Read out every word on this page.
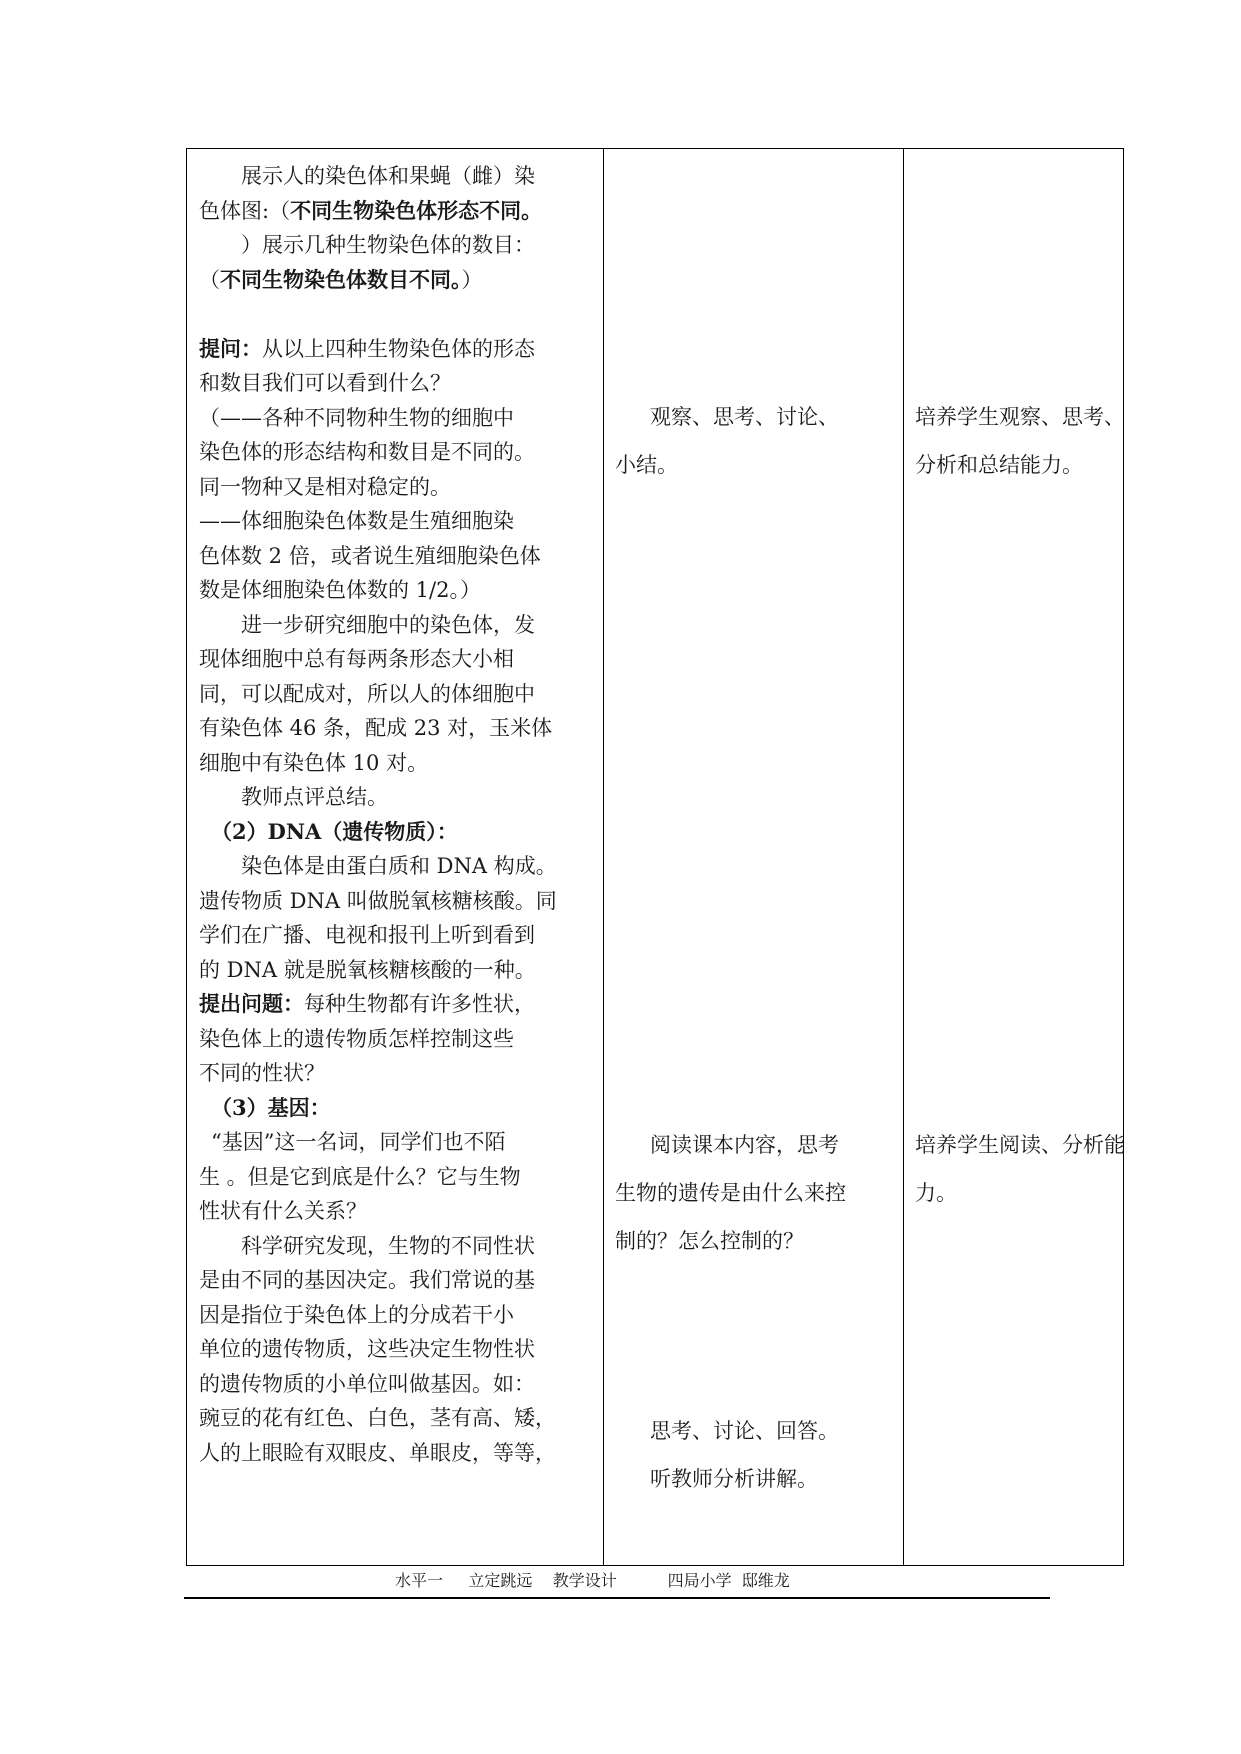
展示人的染色体和果蝇（雌）染
色体图:（不同生物染色体形态不同。
）展示几种生物染色体的数目：
（不同生物染色体数目不同。）
提问：从以上四种生物染色体的形态
和数目我们可以看到什么？
（——各种不同物种生物的细胞中
染色体的形态结构和数目是不同的。
同一物种又是相对稳定的。
——体细胞染色体数是生殖细胞染
色体数 2 倍，或者说生殖细胞染色体
数是体细胞染色体数的 1/2。）
进一步研究细胞中的染色体，发
现体细胞中总有每两条形态大小相
同，可以配成对，所以人的体细胞中
有染色体 46 条，配成 23 对，玉米体
细胞中有染色体 10 对。
教师点评总结。
（2）DNA（遗传物质）：
染色体是由蛋白质和 DNA 构成。
遗传物质 DNA 叫做脱氧核糖核酸。同
学们在广播、电视和报刊上听到看到
的 DNA 就是脱氧核糖核酸的一种。
提出问题：每种生物都有许多性状，
染色体上的遗传物质怎样控制这些
不同的性状？
（3）基因：
“基因”这一名词，同学们也不陌
生 。但是它到底是什么？它与生物
性状有什么关系？
科学研究发现，生物的不同性状
是由不同的基因决定。我们常说的基
因是指位于染色体上的分成若干小
单位的遗传物质，这些决定生物性状
的遗传物质的小单位叫做基因。如：
豌豆的花有红色、白色，茎有高、矮，
人的上眼睑有双眼皮、单眼皮，等等，
观察、思考、讨论、
小结。
阅读课本内容，思考
生物的遗传是由什么来控
制的？怎么控制的？
思考、讨论、回答。
听教师分析讲解。
培养学生观察、思考、
分析和总结能力。
培养学生阅读、分析能
力。
水平一     立定跳远    教学设计          四局小学  邸维龙
